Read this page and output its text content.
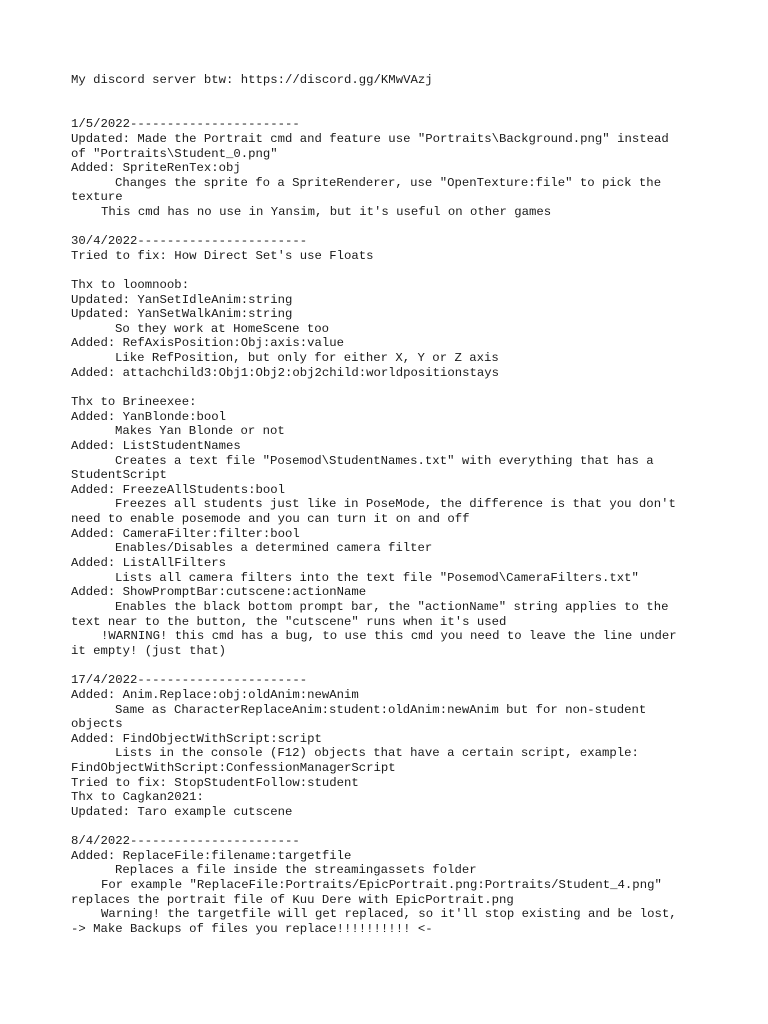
My discord server btw: https://discord.gg/KMwVAzj

1/5/2022-----------------------

Updated: Made the Portrait cmd and feature use "Portraits\Background.png" instead

of "Portraits\Student_0.png"

Added: SpriteRenTex:obj

Changes the sprite fo a SpriteRenderer, use "OpenTexture:file" to pick the

texture

This cmd has no use in Yansim, but it's useful on other games

30/4/2022-----------------------

Tried to fix: How Direct Set's use Floats

Thx to loomnoob:

Updated: YanSetIdleAnim:string

Updated: YanSetWalkAnim:string

So they work at HomeScene too

Added: RefAxisPosition:Obj:axis:value

Like RefPosition, but only for either X, Y or Z axis

Added: attachchild3:Obj1:Obj2:obj2child:worldpositionstays

Thx to Brineexee:

Added: YanBlonde:bool

Makes Yan Blonde or not

Added: ListStudentNames

Creates a text file "Posemod\StudentNames.txt" with everything that has a

StudentScript

Added: FreezeAllStudents:bool

Freezes all students just like in PoseMode, the difference is that you don't

need to enable posemode and you can turn it on and off

Added: CameraFilter:filter:bool

Enables/Disables a determined camera filter

Added: ListAllFilters

Lists all camera filters into the text file "Posemod\CameraFilters.txt"

Added: ShowPromptBar:cutscene:actionName

Enables the black bottom prompt bar, the "actionName" string applies to the

text near to the button, the "cutscene" runs when it's used

!WARNING! this cmd has a bug, to use this cmd you need to leave the line under

it empty! (just that)

17/4/2022-----------------------

Added: Anim.Replace:obj:oldAnim:newAnim

Same as CharacterReplaceAnim:student:oldAnim:newAnim but for non-student

objects

Added: FindObjectWithScript:script

Lists in the console (F12) objects that have a certain script, example:

FindObjectWithScript:ConfessionManagerScript

Tried to fix: StopStudentFollow:student

Thx to Cagkan2021:

Updated: Taro example cutscene

8/4/2022-----------------------

Added: ReplaceFile:filename:targetfile

Replaces a file inside the streamingassets folder

For example "ReplaceFile:Portraits/EpicPortrait.png:Portraits/Student_4.png"

replaces the portrait file of Kuu Dere with EpicPortrait.png

Warning! the targetfile will get replaced, so it'll stop existing and be lost,

-> Make Backups of files you replace!!!!!!!!!! <-
